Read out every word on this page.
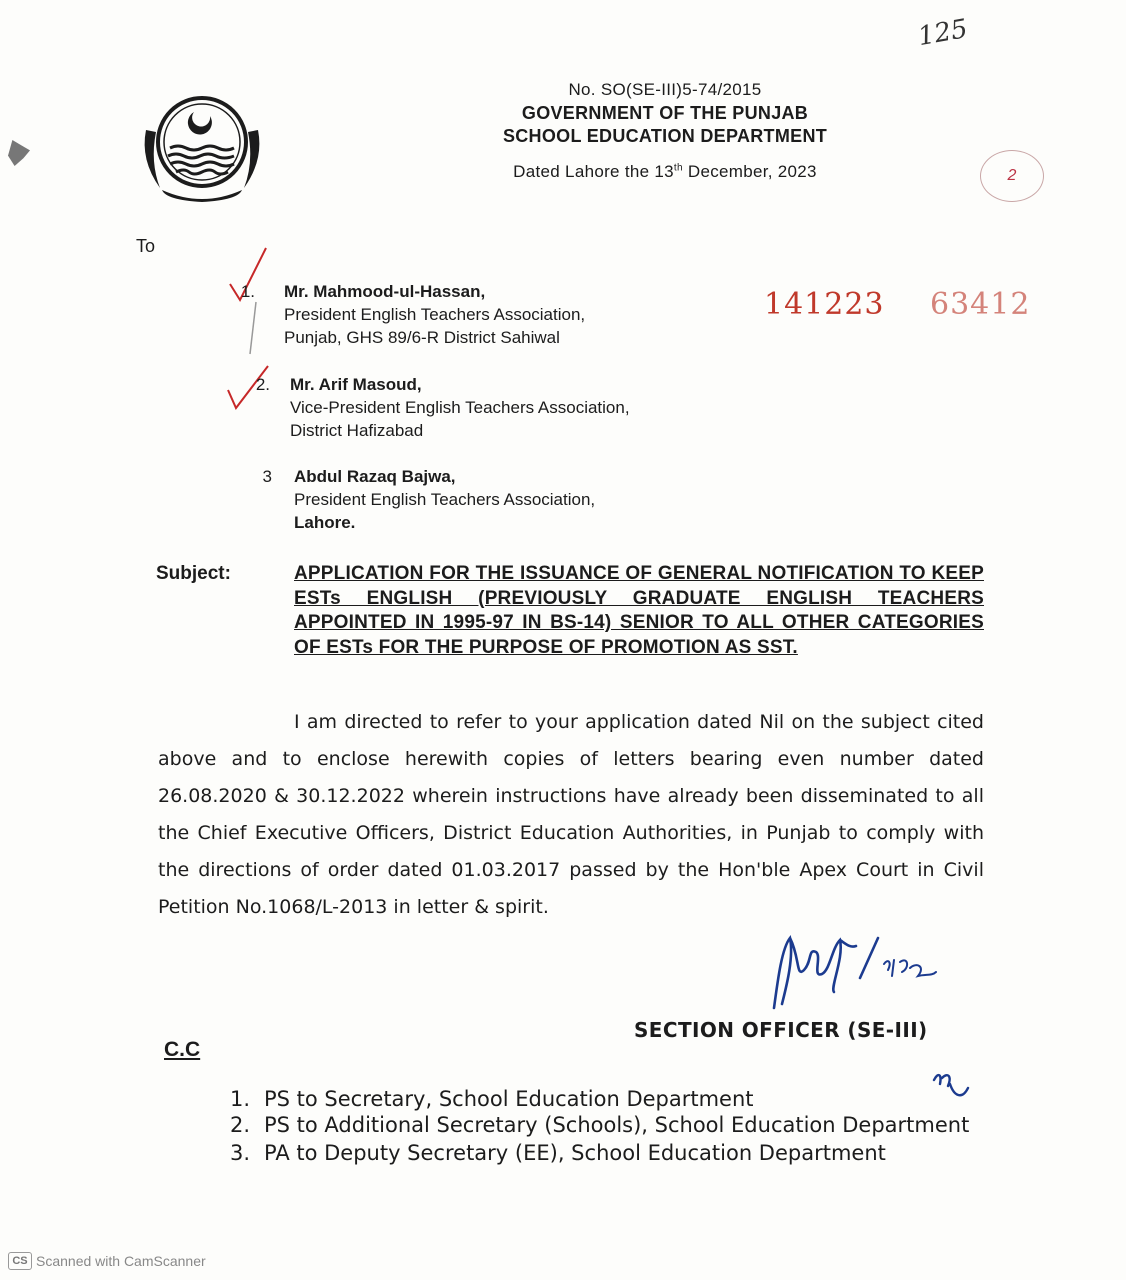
125
No. SO(SE-III)5-74/2015
GOVERNMENT OF THE PUNJAB
SCHOOL EDUCATION DEPARTMENT
Dated Lahore the 13th December, 2023	2
To
1. Mr. Mahmood-ul-Hassan,
President English Teachers Association,
Punjab, GHS 89/6-R District Sahiwal
141223 63412
2. Mr. Arif Masoud,
Vice-President English Teachers Association,
District Hafizabad
3 Abdul Razaq Bajwa,
President English Teachers Association,
Lahore.
Subject:	APPLICATION FOR THE ISSUANCE OF GENERAL NOTIFICATION TO KEEP ESTs ENGLISH (PREVIOUSLY GRADUATE ENGLISH TEACHERS APPOINTED IN 1995-97 IN BS-14) SENIOR TO ALL OTHER CATEGORIES OF ESTs FOR THE PURPOSE OF PROMOTION AS SST.
I am directed to refer to your application dated Nil on the subject cited above and to enclose herewith copies of letters bearing even number dated 26.08.2020 & 30.12.2022 wherein instructions have already been disseminated to all the Chief Executive Officers, District Education Authorities, in Punjab to comply with the directions of order dated 01.03.2017 passed by the Hon'ble Apex Court in Civil Petition No.1068/L-2013 in letter & spirit.
SECTION OFFICER (SE-III)
C.C
1. PS to Secretary, School Education Department
2. PS to Additional Secretary (Schools), School Education Department
3. PA to Deputy Secretary (EE), School Education Department
CS Scanned with CamScanner
